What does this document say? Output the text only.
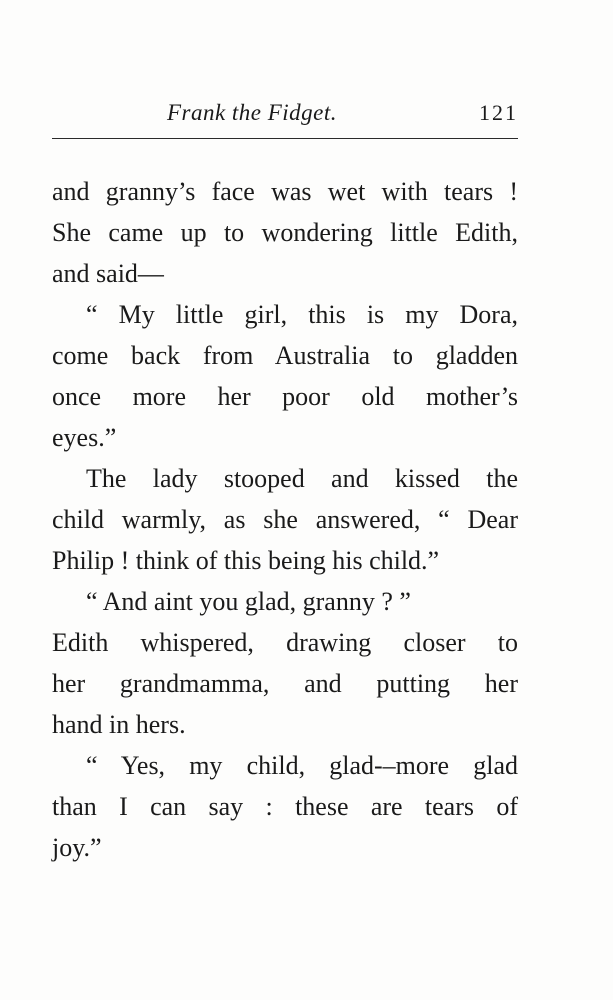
Frank the Fidget.	121
and granny’s face was wet with tears !
She came up to wondering little Edith,
and said—
“ My little girl, this is my Dora,
come back from Australia to gladden
once more her poor old mother’s
eyes.”
The lady stooped and kissed the
child warmly, as she answered, “ Dear
Philip ! think of this being his child.”
“ And aint you glad, granny ? ”
Edith whispered, drawing closer to
her grandmamma, and putting her
hand in hers.
“ Yes, my child, glad-–more glad
than I can say : these are tears of
joy.”
